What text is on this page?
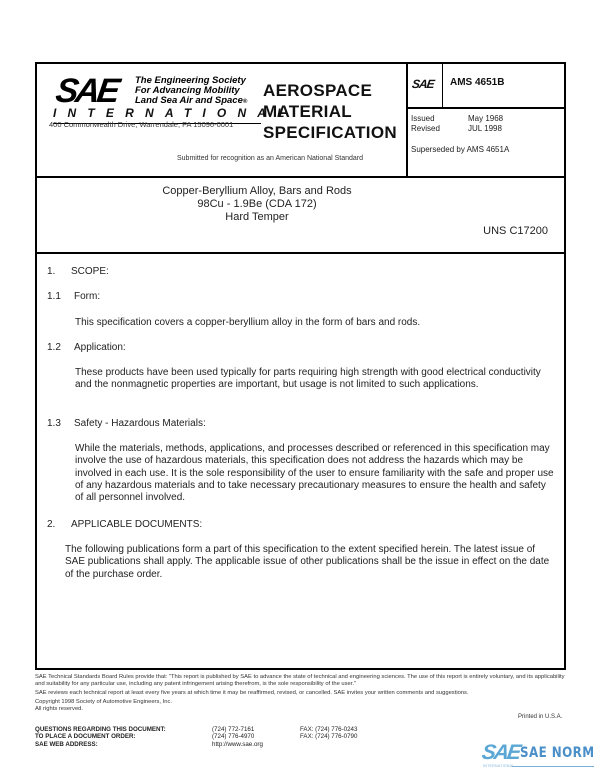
SAE The Engineering Society
For Advancing Mobility
Land Sea Air and Space®
INTERNATIONAL
400 Commonwealth Drive, Warrendale, PA 15096-0001
AEROSPACE
MATERIAL
SPECIFICATION
Submitted for recognition as an American National Standard
SAE AMS 4651B
Issued	May 1968
Revised	JUL 1998
Superseded by AMS 4651A
Copper-Beryllium Alloy, Bars and Rods
98Cu - 1.9Be (CDA 172)
Hard Temper
UNS C17200
1. SCOPE:
1.1 Form:
This specification covers a copper-beryllium alloy in the form of bars and rods.
1.2 Application:
These products have been used typically for parts requiring high strength with good electrical conductivity and the nonmagnetic properties are important, but usage is not limited to such applications.
1.3 Safety - Hazardous Materials:
While the materials, methods, applications, and processes described or referenced in this specification may involve the use of hazardous materials, this specification does not address the hazards which may be involved in each use. It is the sole responsibility of the user to ensure familiarity with the safe and proper use of any hazardous materials and to take necessary precautionary measures to ensure the health and safety of all personnel involved.
2. APPLICABLE DOCUMENTS:
The following publications form a part of this specification to the extent specified herein. The latest issue of SAE publications shall apply. The applicable issue of other publications shall be the issue in effect on the date of the purchase order.

SAE Technical Standards Board Rules provide that: "This report is published by SAE to advance the state of technical and engineering sciences. The use of this report is entirely voluntary, and its applicability and suitability for any particular use, including any patent infringement arising therefrom, is the sole responsibility of the user."

SAE reviews each technical report at least every five years at which time it may be reaffirmed, revised, or cancelled. SAE invites your written comments and suggestions.

Copyright 1998 Society of Automotive Engineers, Inc.

All rights reserved.

Printed in U.S.A.
QUESTIONS REGARDING THIS DOCUMENT:	(724) 772-7161	FAX: (724) 776-0243
TO PLACE A DOCUMENT ORDER:	(724) 776-4970	FAX: (724) 776-0790
SAE WEB ADDRESS:	http://www.sae.org	SAE SAE NORM
INTERNATIONAL
